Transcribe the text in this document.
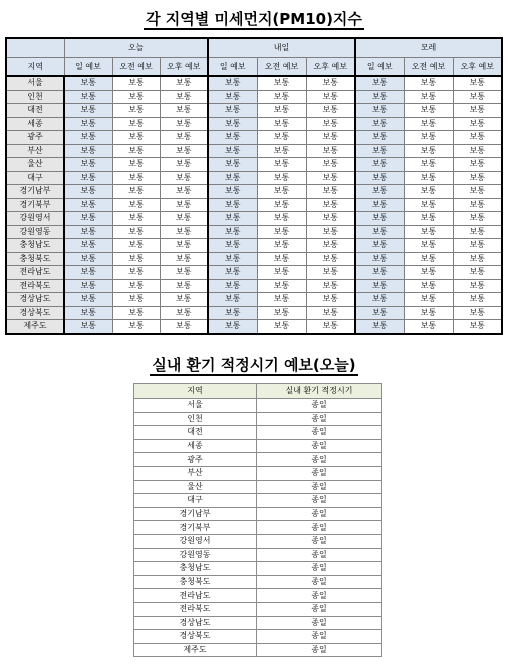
각 지역별 미세먼지(PM10)지수
	오늘			내일			모레		
지역	일 예보	오전 예보	오후 예보	일 예보	오전 예보	오후 예보	일 예보	오전 예보	오후 예보
서울	보통	보통	보통	보통	보통	보통	보통	보통	보통
인천	보통	보통	보통	보통	보통	보통	보통	보통	보통
대전	보통	보통	보통	보통	보통	보통	보통	보통	보통
세종	보통	보통	보통	보통	보통	보통	보통	보통	보통
광주	보통	보통	보통	보통	보통	보통	보통	보통	보통
부산	보통	보통	보통	보통	보통	보통	보통	보통	보통
울산	보통	보통	보통	보통	보통	보통	보통	보통	보통
대구	보통	보통	보통	보통	보통	보통	보통	보통	보통
경기남부	보통	보통	보통	보통	보통	보통	보통	보통	보통
경기북부	보통	보통	보통	보통	보통	보통	보통	보통	보통
강원영서	보통	보통	보통	보통	보통	보통	보통	보통	보통
강원영동	보통	보통	보통	보통	보통	보통	보통	보통	보통
충청남도	보통	보통	보통	보통	보통	보통	보통	보통	보통
충청북도	보통	보통	보통	보통	보통	보통	보통	보통	보통
전라남도	보통	보통	보통	보통	보통	보통	보통	보통	보통
전라북도	보통	보통	보통	보통	보통	보통	보통	보통	보통
경상남도	보통	보통	보통	보통	보통	보통	보통	보통	보통
경상북도	보통	보통	보통	보통	보통	보통	보통	보통	보통
제주도	보통	보통	보통	보통	보통	보통	보통	보통	보통
실내 환기 적정시기 예보(오늘)
지역	실내 환기 적정시기
서울	종일
인천	종일
대전	종일
세종	종일
광주	종일
부산	종일
울산	종일
대구	종일
경기남부	종일
경기북부	종일
강원영서	종일
강원영동	종일
충청남도	종일
충청북도	종일
전라남도	종일
전라북도	종일
경상남도	종일
경상북도	종일
제주도	종일
